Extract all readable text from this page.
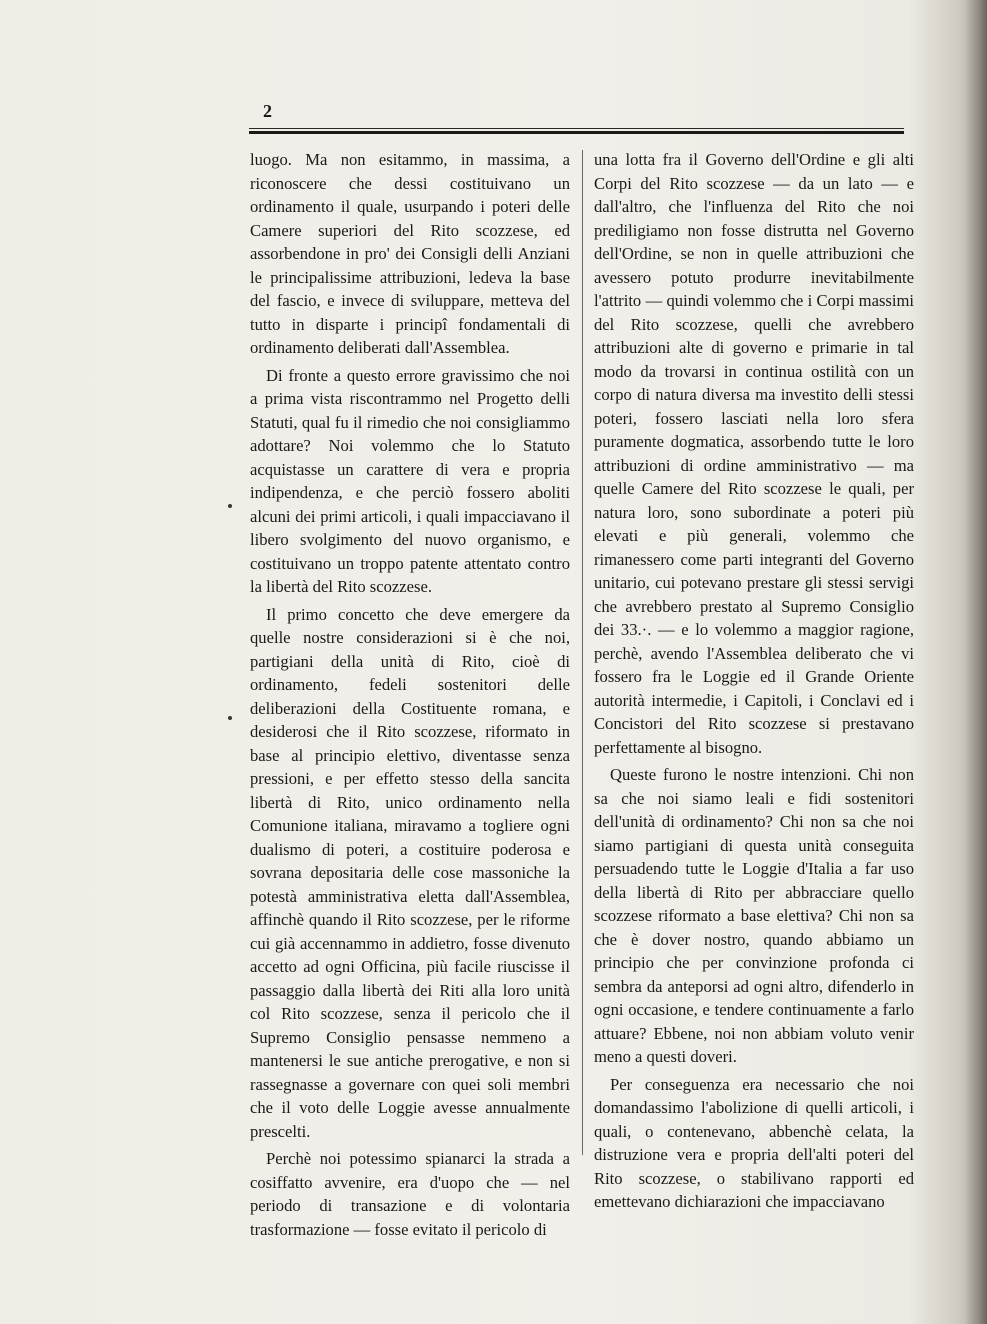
2

luogo. Ma non esitammo, in massima, a riconoscere che dessi costituivano un ordinamento il quale, usurpando i poteri delle Camere superiori del Rito scozzese, ed assorbendone in pro' dei Consigli delli Anziani le principalissime attribuzioni, ledeva la base del fascio, e invece di sviluppare, metteva del tutto in disparte i principî fondamentali di ordinamento deliberati dall'Assemblea.

Di fronte a questo errore gravissimo che noi a prima vista riscontrammo nel Progetto delli Statuti, qual fu il rimedio che noi consigliammo adottare? Noi volemmo che lo Statuto acquistasse un carattere di vera e propria indipendenza, e che perciò fossero aboliti alcuni dei primi articoli, i quali impacciavano il libero svolgimento del nuovo organismo, e costituivano un troppo patente attentato contro la libertà del Rito scozzese.

Il primo concetto che deve emergere da quelle nostre considerazioni si è che noi, partigiani della unità di Rito, cioè di ordinamento, fedeli sostenitori delle deliberazioni della Costituente romana, e desiderosi che il Rito scozzese, riformato in base al principio elettivo, diventasse senza pressioni, e per effetto stesso della sancita libertà di Rito, unico ordinamento nella Comunione italiana, miravamo a togliere ogni dualismo di poteri, a costituire poderosa e sovrana depositaria delle cose massoniche la potestà amministrativa eletta dall'Assemblea, affinchè quando il Rito scozzese, per le riforme cui già accennammo in addietro, fosse divenuto accetto ad ogni Officina, più facile riuscisse il passaggio dalla libertà dei Riti alla loro unità col Rito scozzese, senza il pericolo che il Supremo Consiglio pensasse nemmeno a mantenersi le sue antiche prerogative, e non si rassegnasse a governare con quei soli membri che il voto delle Loggie avesse annualmente prescelti.

Perchè noi potessimo spianarci la strada a cosiffatto avvenire, era d'uopo che — nel periodo di transazione e di volontaria trasformazione — fosse evitato il pericolo di

una lotta fra il Governo dell'Ordine e gli alti Corpi del Rito scozzese — da un lato — e dall'altro, che l'influenza del Rito che noi prediligiamo non fosse distrutta nel Governo dell'Ordine, se non in quelle attribuzioni che avessero potuto produrre inevitabilmente l'attrito — quindi volemmo che i Corpi massimi del Rito scozzese, quelli che avrebbero attribuzioni alte di governo e primarie in tal modo da trovarsi in continua ostilità con un corpo di natura diversa ma investito delli stessi poteri, fossero lasciati nella loro sfera puramente dogmatica, assorbendo tutte le loro attribuzioni di ordine amministrativo — ma quelle Camere del Rito scozzese le quali, per natura loro, sono subordinate a poteri più elevati e più generali, volemmo che rimanessero come parti integranti del Governo unitario, cui potevano prestare gli stessi servigi che avrebbero prestato al Supremo Consiglio dei 33.·. — e lo volemmo a maggior ragione, perchè, avendo l'Assemblea deliberato che vi fossero fra le Loggie ed il Grande Oriente autorità intermedie, i Capitoli, i Conclavi ed i Concistori del Rito scozzese si prestavano perfettamente al bisogno.

Queste furono le nostre intenzioni. Chi non sa che noi siamo leali e fidi sostenitori dell'unità di ordinamento? Chi non sa che noi siamo partigiani di questa unità conseguita persuadendo tutte le Loggie d'Italia a far uso della libertà di Rito per abbracciare quello scozzese riformato a base elettiva? Chi non sa che è dover nostro, quando abbiamo un principio che per convinzione profonda ci sembra da anteporsi ad ogni altro, difenderlo in ogni occasione, e tendere continuamente a farlo attuare? Ebbene, noi non abbiam voluto venir meno a questi doveri.

Per conseguenza era necessario che noi domandassimo l'abolizione di quelli articoli, i quali, o contenevano, abbenchè celata, la distruzione vera e propria dell'alti poteri del Rito scozzese, o stabilivano rapporti ed emettevano dichiarazioni che impacciavano
